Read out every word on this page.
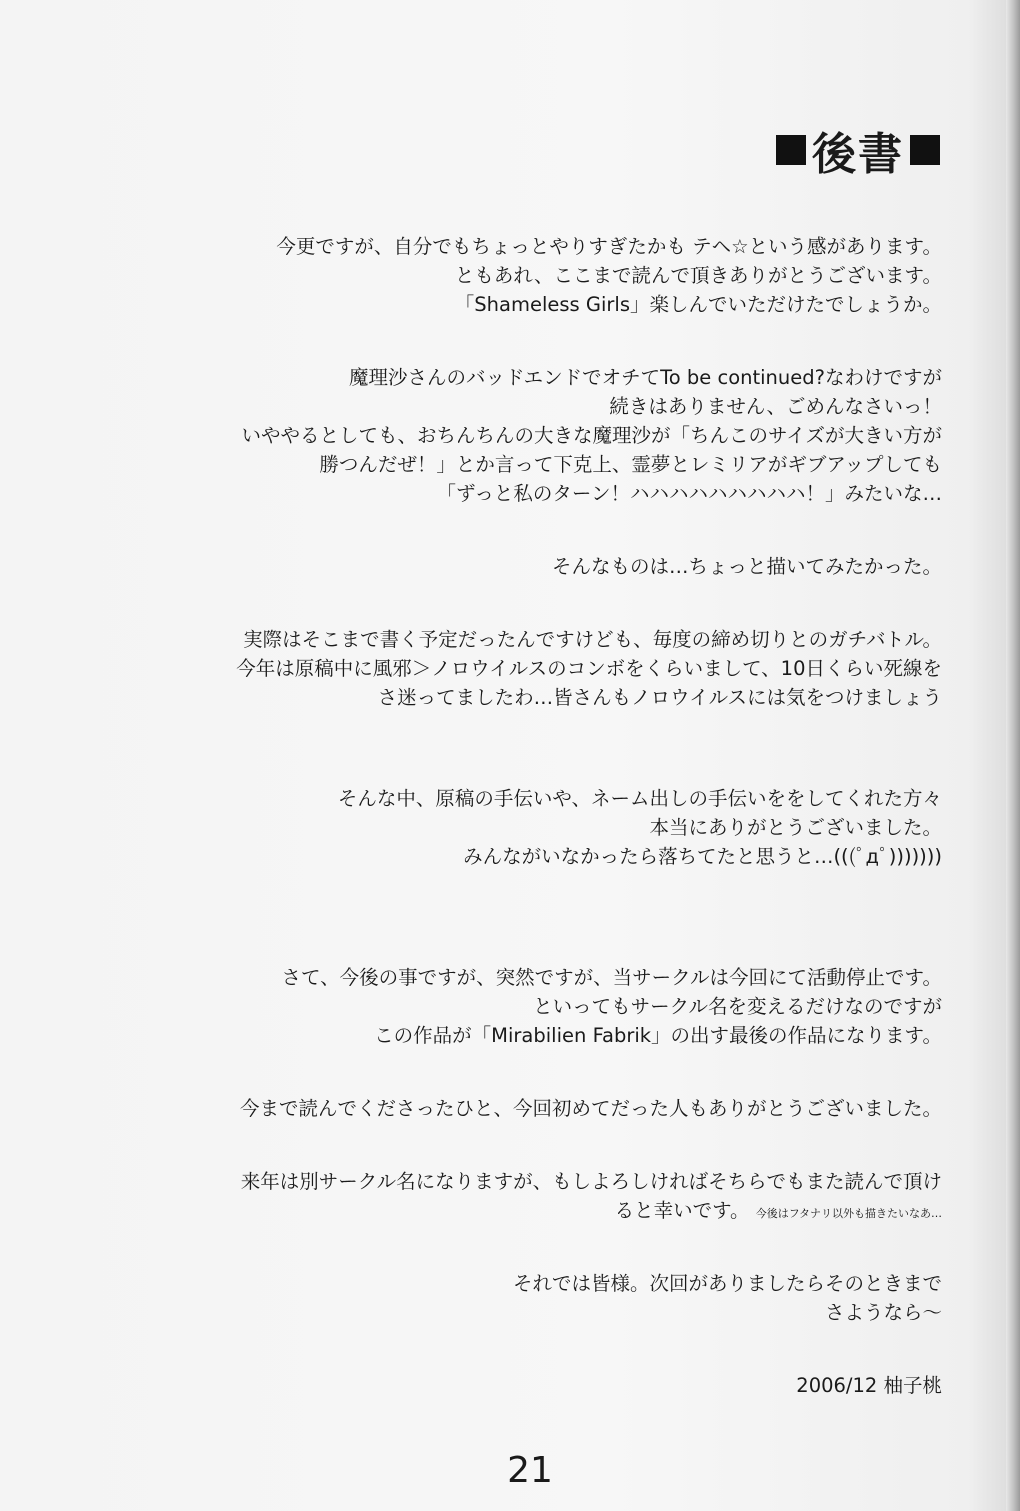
後書
今更ですが、自分でもちょっとやりすぎたかも テヘ☆という感があります。
ともあれ、ここまで読んで頂きありがとうございます。
「Shameless Girls」楽しんでいただけたでしょうか。
魔理沙さんのバッドエンドでオチてTo be continued?なわけですが
続きはありません、ごめんなさいっ！
いややるとしても、おちんちんの大きな魔理沙が「ちんこのサイズが大きい方が
勝つんだぜ！」とか言って下克上、霊夢とレミリアがギブアップしても
「ずっと私のターン！ハハハハハハハハハ！」みたいな…
そんなものは…ちょっと描いてみたかった。
実際はそこまで書く予定だったんですけども、毎度の締め切りとのガチバトル。
今年は原稿中に風邪＞ノロウイルスのコンボをくらいまして、10日くらい死線を
さ迷ってましたわ…皆さんもノロウイルスには気をつけましょう
そんな中、原稿の手伝いや、ネーム出しの手伝いををしてくれた方々
本当にありがとうございました。
みんながいなかったら落ちてたと思うと…(((ﾟдﾟ)))))))
さて、今後の事ですが、突然ですが、当サークルは今回にて活動停止です。
といってもサークル名を変えるだけなのですが
この作品が「Mirabilien Fabrik」の出す最後の作品になります。
今まで読んでくださったひと、今回初めてだった人もありがとうございました。
来年は別サークル名になりますが、もしよろしければそちらでもまた読んで頂け
ると幸いです。 今後はフタナリ以外も描きたいなあ…
それでは皆様。次回がありましたらそのときまで
さようなら～
2006/12 柚子桃
21
